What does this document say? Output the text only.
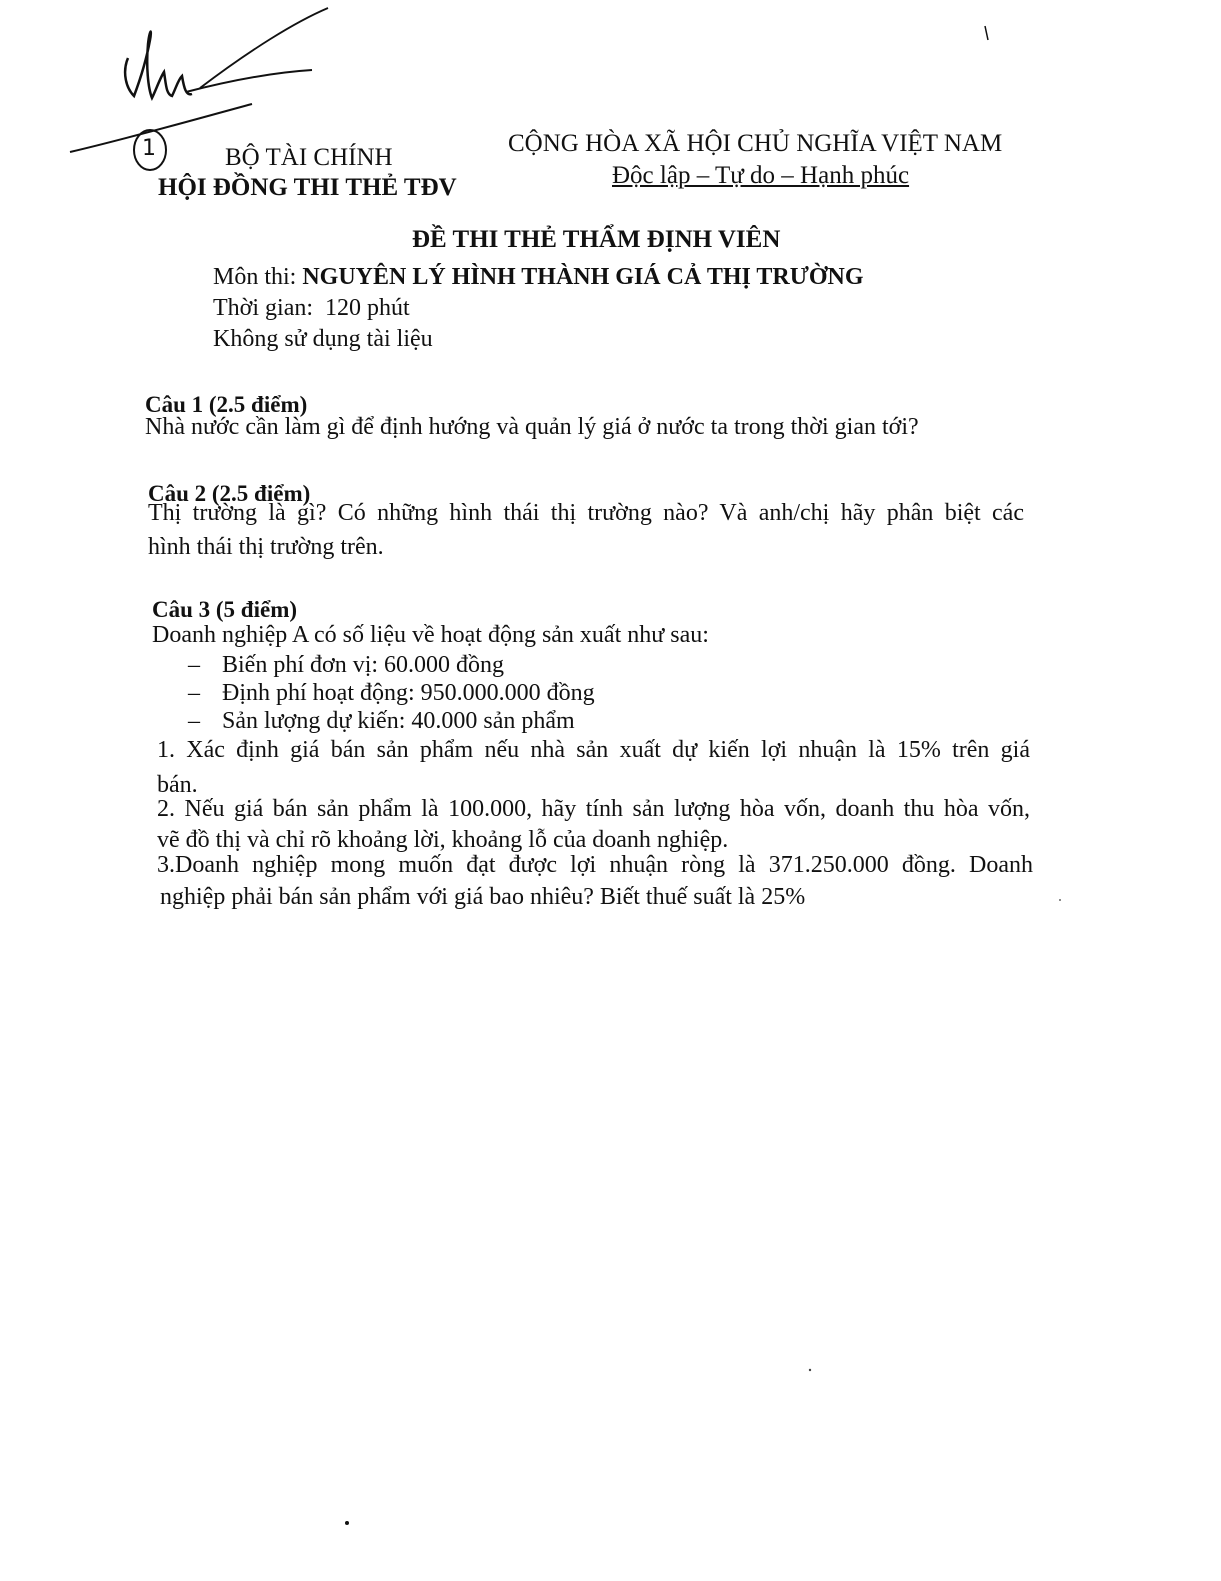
1	BỘ TÀI CHÍNH
HỘI ĐỒNG THI THẺ TĐV
CỘNG HÒA XÃ HỘI CHỦ NGHĨA VIỆT NAM
Độc lập – Tự do – Hạnh phúc
ĐỀ THI THẺ THẨM ĐỊNH VIÊN
Môn thi: NGUYÊN LÝ HÌNH THÀNH GIÁ CẢ THỊ TRƯỜNG
Thời gian: 120 phút
Không sử dụng tài liệu
Câu 1 (2.5 điểm)
Nhà nước cần làm gì để định hướng và quản lý giá ở nước ta trong thời gian tới?
Câu 2 (2.5 điểm)
Thị trường là gì? Có những hình thái thị trường nào? Và anh/chị hãy phân biệt các
hình thái thị trường trên.
Câu 3 (5 điểm)
Doanh nghiệp A có số liệu về hoạt động sản xuất như sau:
– Biến phí đơn vị: 60.000 đồng
– Định phí hoạt động: 950.000.000 đồng
– Sản lượng dự kiến: 40.000 sản phẩm
1. Xác định giá bán sản phẩm nếu nhà sản xuất dự kiến lợi nhuận là 15% trên giá
bán.
2. Nếu giá bán sản phẩm là 100.000, hãy tính sản lượng hòa vốn, doanh thu hòa vốn,
vẽ đồ thị và chỉ rõ khoảng lời, khoảng lỗ của doanh nghiệp.
3.Doanh nghiệp mong muốn đạt được lợi nhuận ròng là 371.250.000 đồng. Doanh
nghiệp phải bán sản phẩm với giá bao nhiêu? Biết thuế suất là 25%
